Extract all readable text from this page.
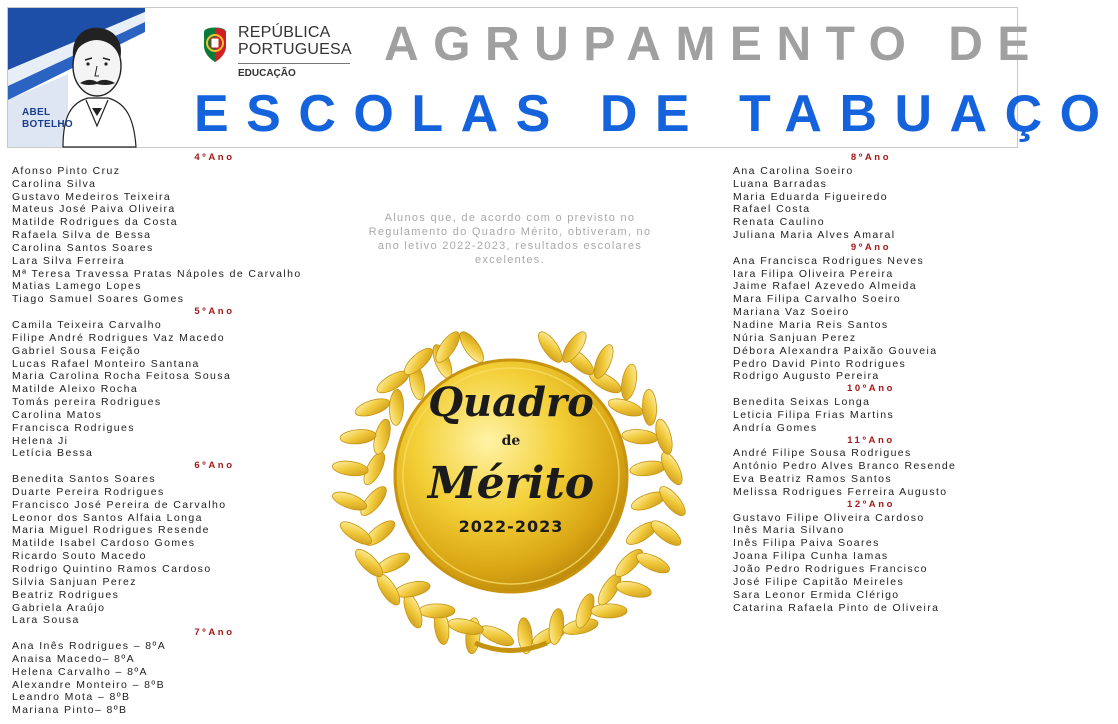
ABEL
BOTELHO
REPÚBLICA
PORTUGUESA
EDUCAÇÃO
AGRUPAMENTO DE
ESCOLAS DE TABUAÇO
4ºAno
Afonso Pinto Cruz
Carolina Silva
Gustavo Medeiros Teixeira
Mateus José Paiva Oliveira
Matilde Rodrigues da Costa
Rafaela Silva de Bessa
Carolina Santos Soares
Lara Silva Ferreira
Mª Teresa Travessa Pratas Nápoles de Carvalho
Matias Lamego Lopes
Tiago Samuel Soares Gomes
5ºAno
Camila Teixeira Carvalho
Filipe André Rodrigues Vaz Macedo
Gabriel Sousa Feição
Lucas Rafael Monteiro Santana
Maria Carolina Rocha Feitosa Sousa
Matilde Aleixo Rocha
Tomás pereira Rodrigues
Carolina Matos
Francisca Rodrigues
Helena Ji
Letícia Bessa
6ºAno
Benedita Santos Soares
Duarte Pereira Rodrigues
Francisco José Pereira de Carvalho
Leonor dos Santos Alfaia Longa
Maria Miguel Rodrigues Resende
Matilde Isabel Cardoso Gomes
Ricardo Souto Macedo
Rodrigo Quintino Ramos Cardoso
Silvia Sanjuan Perez
Beatriz Rodrigues
Gabriela Araújo
Lara Sousa
7ºAno
Ana Inês Rodrigues – 8ºA
Anaisa Macedo– 8ºA
Helena Carvalho – 8ºA
Alexandre Monteiro – 8ºB
Leandro Mota – 8ºB
Mariana Pinto– 8ºB
Alunos que, de acordo com o previsto no Regulamento do Quadro Mérito, obtiveram, no ano letivo 2022-2023, resultados escolares excelentes.
Quadro
de
Mérito
2022-2023
8ºAno
Ana Carolina Soeiro
Luana Barradas
Maria Eduarda Figueiredo
Rafael Costa
Renata Caulino
Juliana Maria Alves Amaral
9ºAno
Ana Francisca Rodrigues Neves
Iara Filipa Oliveira Pereira
Jaime Rafael Azevedo Almeida
Mara Filipa Carvalho Soeiro
Mariana Vaz Soeiro
Nadine Maria Reis Santos
Núria Sanjuan Perez
Débora Alexandra Paixão Gouveia
Pedro David Pinto Rodrigues
Rodrigo Augusto Pereira
10ºAno
Benedita Seixas Longa
Leticia Filipa Frias Martins
Andría Gomes
11ºAno
André Filipe Sousa Rodrigues
António Pedro Alves Branco Resende
Eva Beatriz Ramos Santos
Melissa Rodrigues Ferreira Augusto
12ºAno
Gustavo Filipe Oliveira Cardoso
Inês Maria Silvano
Inês Filipa Paiva Soares
Joana Filipa Cunha Iamas
João Pedro Rodrigues Francisco
José Filipe Capitão Meireles
Sara Leonor Ermida Clérigo
Catarina Rafaela Pinto de Oliveira
